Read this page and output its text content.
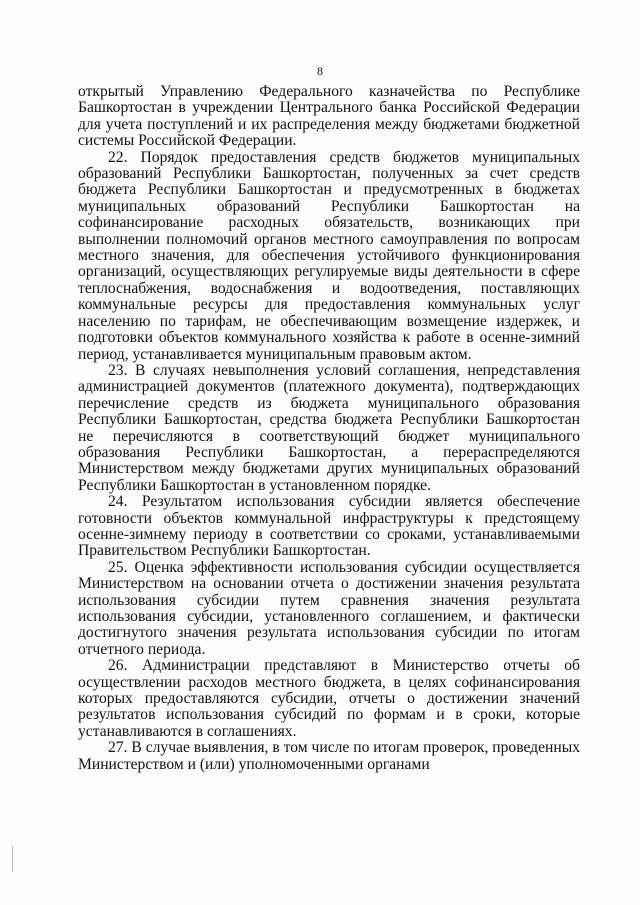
8

открытый Управлению Федерального казначейства по Республике Башкортостан в учреждении Центрального банка Российской Федерации для учета поступлений и их распределения между бюджетами бюджетной системы Российской Федерации.

22. Порядок предоставления средств бюджетов муниципальных образований Республики Башкортостан, полученных за счет средств бюджета Республики Башкортостан и предусмотренных в бюджетах муниципальных образований Республики Башкортостан на софинансирование расходных обязательств, возникающих при выполнении полномочий органов местного самоуправления по вопросам местного значения, для обеспечения устойчивого функционирования организаций, осуществляющих регулируемые виды деятельности в сфере теплоснабжения, водоснабжения и водоотведения, поставляющих коммунальные ресурсы для предоставления коммунальных услуг населению по тарифам, не обеспечивающим возмещение издержек, и подготовки объектов коммунального хозяйства к работе в осенне-зимний период, устанавливается муниципальным правовым актом.

23. В случаях невыполнения условий соглашения, непредставления администрацией документов (платежного документа), подтверждающих перечисление средств из бюджета муниципального образования Республики Башкортостан, средства бюджета Республики Башкортостан не перечисляются в соответствующий бюджет муниципального образования Республики Башкортостан, а перераспределяются Министерством между бюджетами других муниципальных образований Республики Башкортостан в установленном порядке.

24. Результатом использования субсидии является обеспечение готовности объектов коммунальной инфраструктуры к предстоящему осенне-зимнему периоду в соответствии со сроками, устанавливаемыми Правительством Республики Башкортостан.

25. Оценка эффективности использования субсидии осуществляется Министерством на основании отчета о достижении значения результата использования субсидии путем сравнения значения результата использования субсидии, установленного соглашением, и фактически достигнутого значения результата использования субсидии по итогам отчетного периода.

26. Администрации представляют в Министерство отчеты об осуществлении расходов местного бюджета, в целях софинансирования которых предоставляются субсидии, отчеты о достижении значений результатов использования субсидий по формам и в сроки, которые устанавливаются в соглашениях.

27. В случае выявления, в том числе по итогам проверок, проведенных Министерством и (или) уполномоченными органами
